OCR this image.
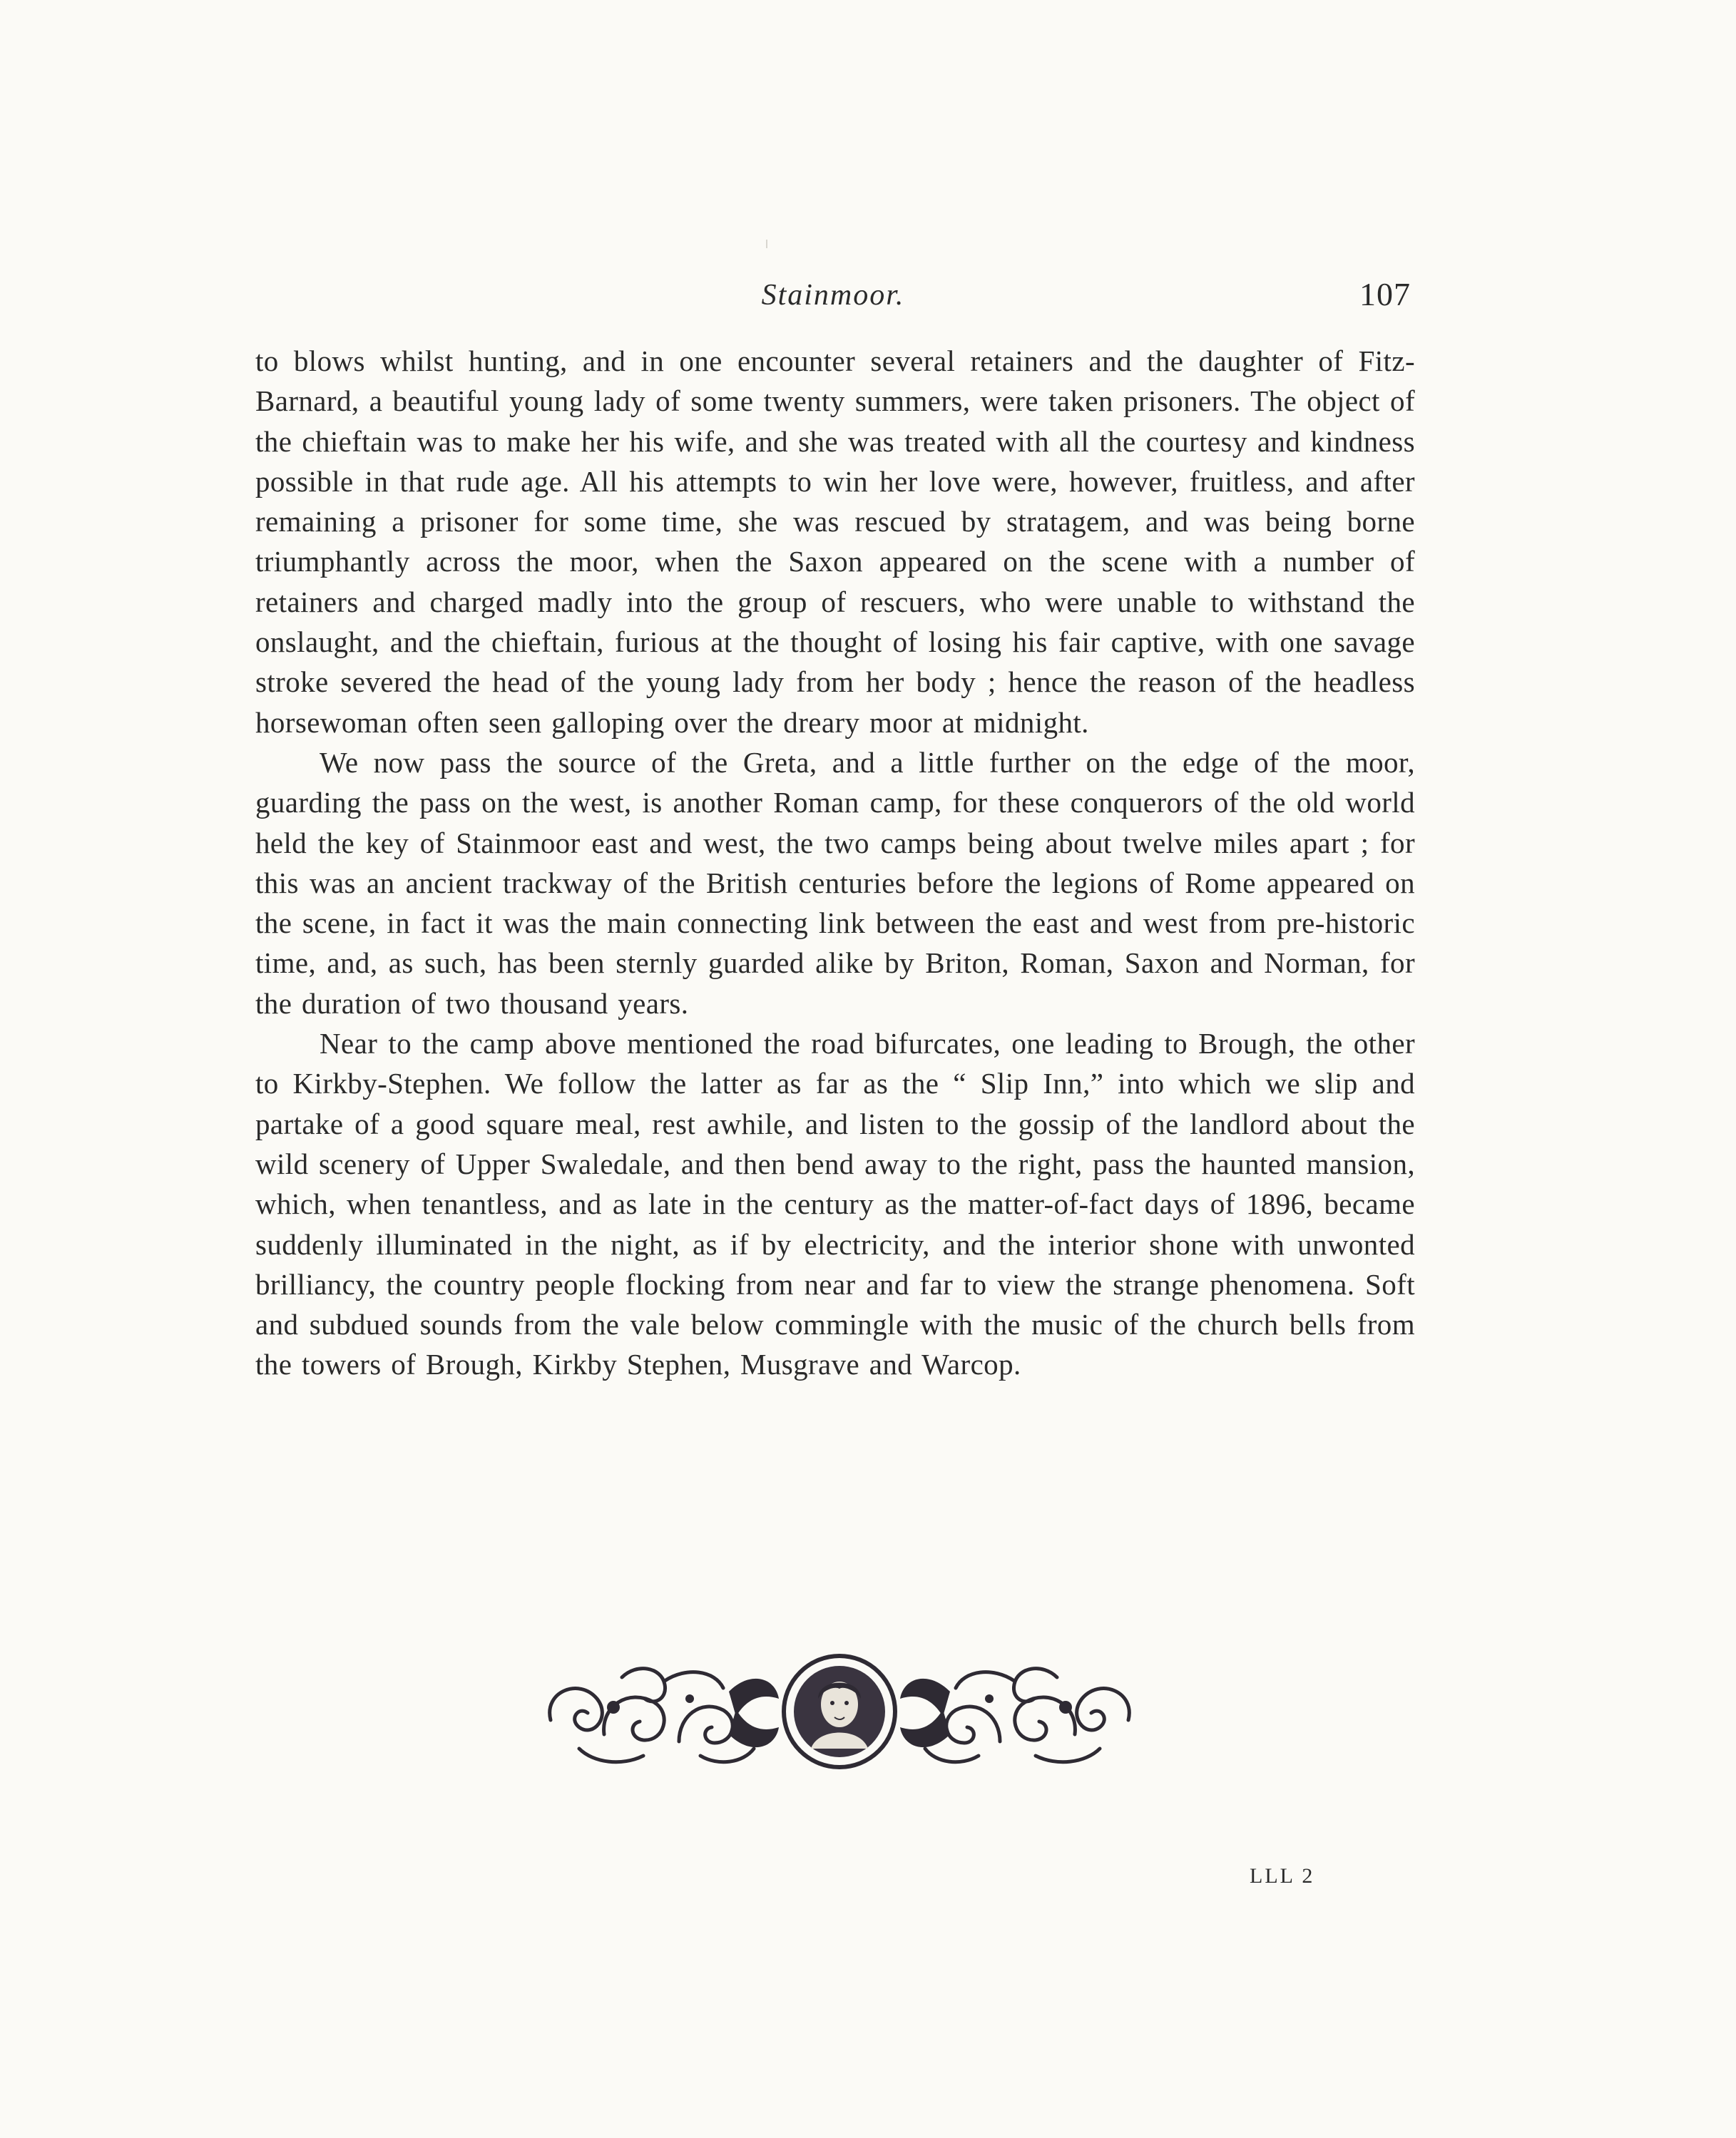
Stainmoor.	107

to blows whilst hunting, and in one encounter several retainers and the daughter of Fitz-Barnard, a beautiful young lady of some twenty summers, were taken prisoners. The object of the chieftain was to make her his wife, and she was treated with all the courtesy and kindness possible in that rude age. All his attempts to win her love were, however, fruitless, and after remaining a prisoner for some time, she was rescued by stratagem, and was being borne triumphantly across the moor, when the Saxon appeared on the scene with a number of retainers and charged madly into the group of rescuers, who were unable to withstand the onslaught, and the chieftain, furious at the thought of losing his fair captive, with one savage stroke severed the head of the young lady from her body ; hence the reason of the headless horsewoman often seen galloping over the dreary moor at midnight.

We now pass the source of the Greta, and a little further on the edge of the moor, guarding the pass on the west, is another Roman camp, for these conquerors of the old world held the key of Stainmoor east and west, the two camps being about twelve miles apart ; for this was an ancient trackway of the British centuries before the legions of Rome appeared on the scene, in fact it was the main connecting link between the east and west from pre-historic time, and, as such, has been sternly guarded alike by Briton, Roman, Saxon and Norman, for the duration of two thousand years.

Near to the camp above mentioned the road bifurcates, one leading to Brough, the other to Kirkby-Stephen. We follow the latter as far as the “ Slip Inn,” into which we slip and partake of a good square meal, rest awhile, and listen to the gossip of the landlord about the wild scenery of Upper Swaledale, and then bend away to the right, pass the haunted mansion, which, when tenantless, and as late in the century as the matter-of-fact days of 1896, became suddenly illuminated in the night, as if by electricity, and the interior shone with unwonted brilliancy, the country people flocking from near and far to view the strange phenomena. Soft and subdued sounds from the vale below commingle with the music of the church bells from the towers of Brough, Kirkby Stephen, Musgrave and Warcop.

LLL 2
